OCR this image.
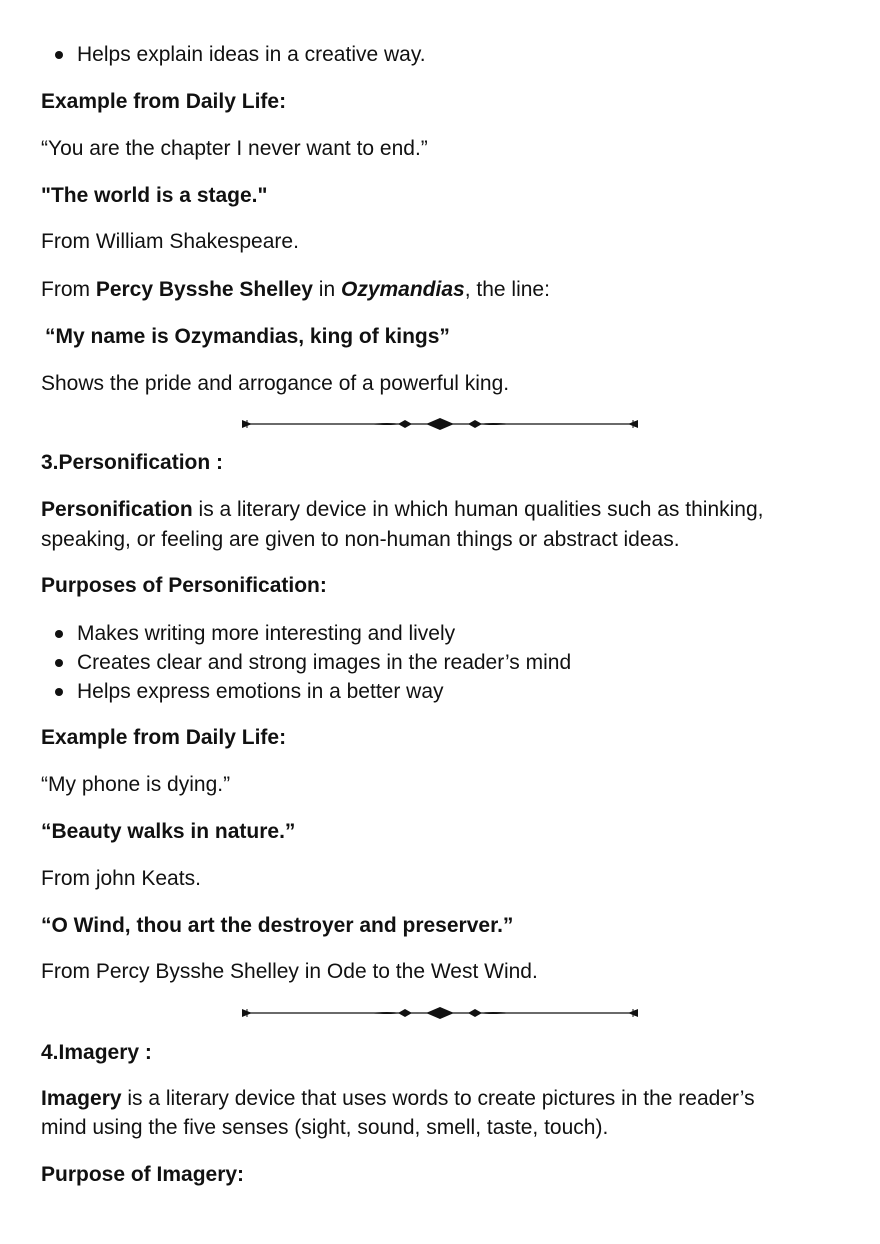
Helps explain ideas in a creative way.
Example from Daily Life:
“You are the chapter I never want to end.”
"The world is a stage."
From William Shakespeare.
From Percy Bysshe Shelley in Ozymandias, the line:
“My name is Ozymandias, king of kings”
Shows the pride and arrogance of a powerful king.
3.Personification :
Personification is a literary device in which human qualities such as thinking,
speaking, or feeling are given to non-human things or abstract ideas.
Purposes of Personification:
Makes writing more interesting and lively
Creates clear and strong images in the reader’s mind
Helps express emotions in a better way
Example from Daily Life:
“My phone is dying.”
“Beauty walks in nature.”
From john Keats.
“O Wind, thou art the destroyer and preserver.”
From Percy Bysshe Shelley in Ode to the West Wind.
4.Imagery :
Imagery is a literary device that uses words to create pictures in the reader’s
mind using the five senses (sight, sound, smell, taste, touch).
Purpose of Imagery:
